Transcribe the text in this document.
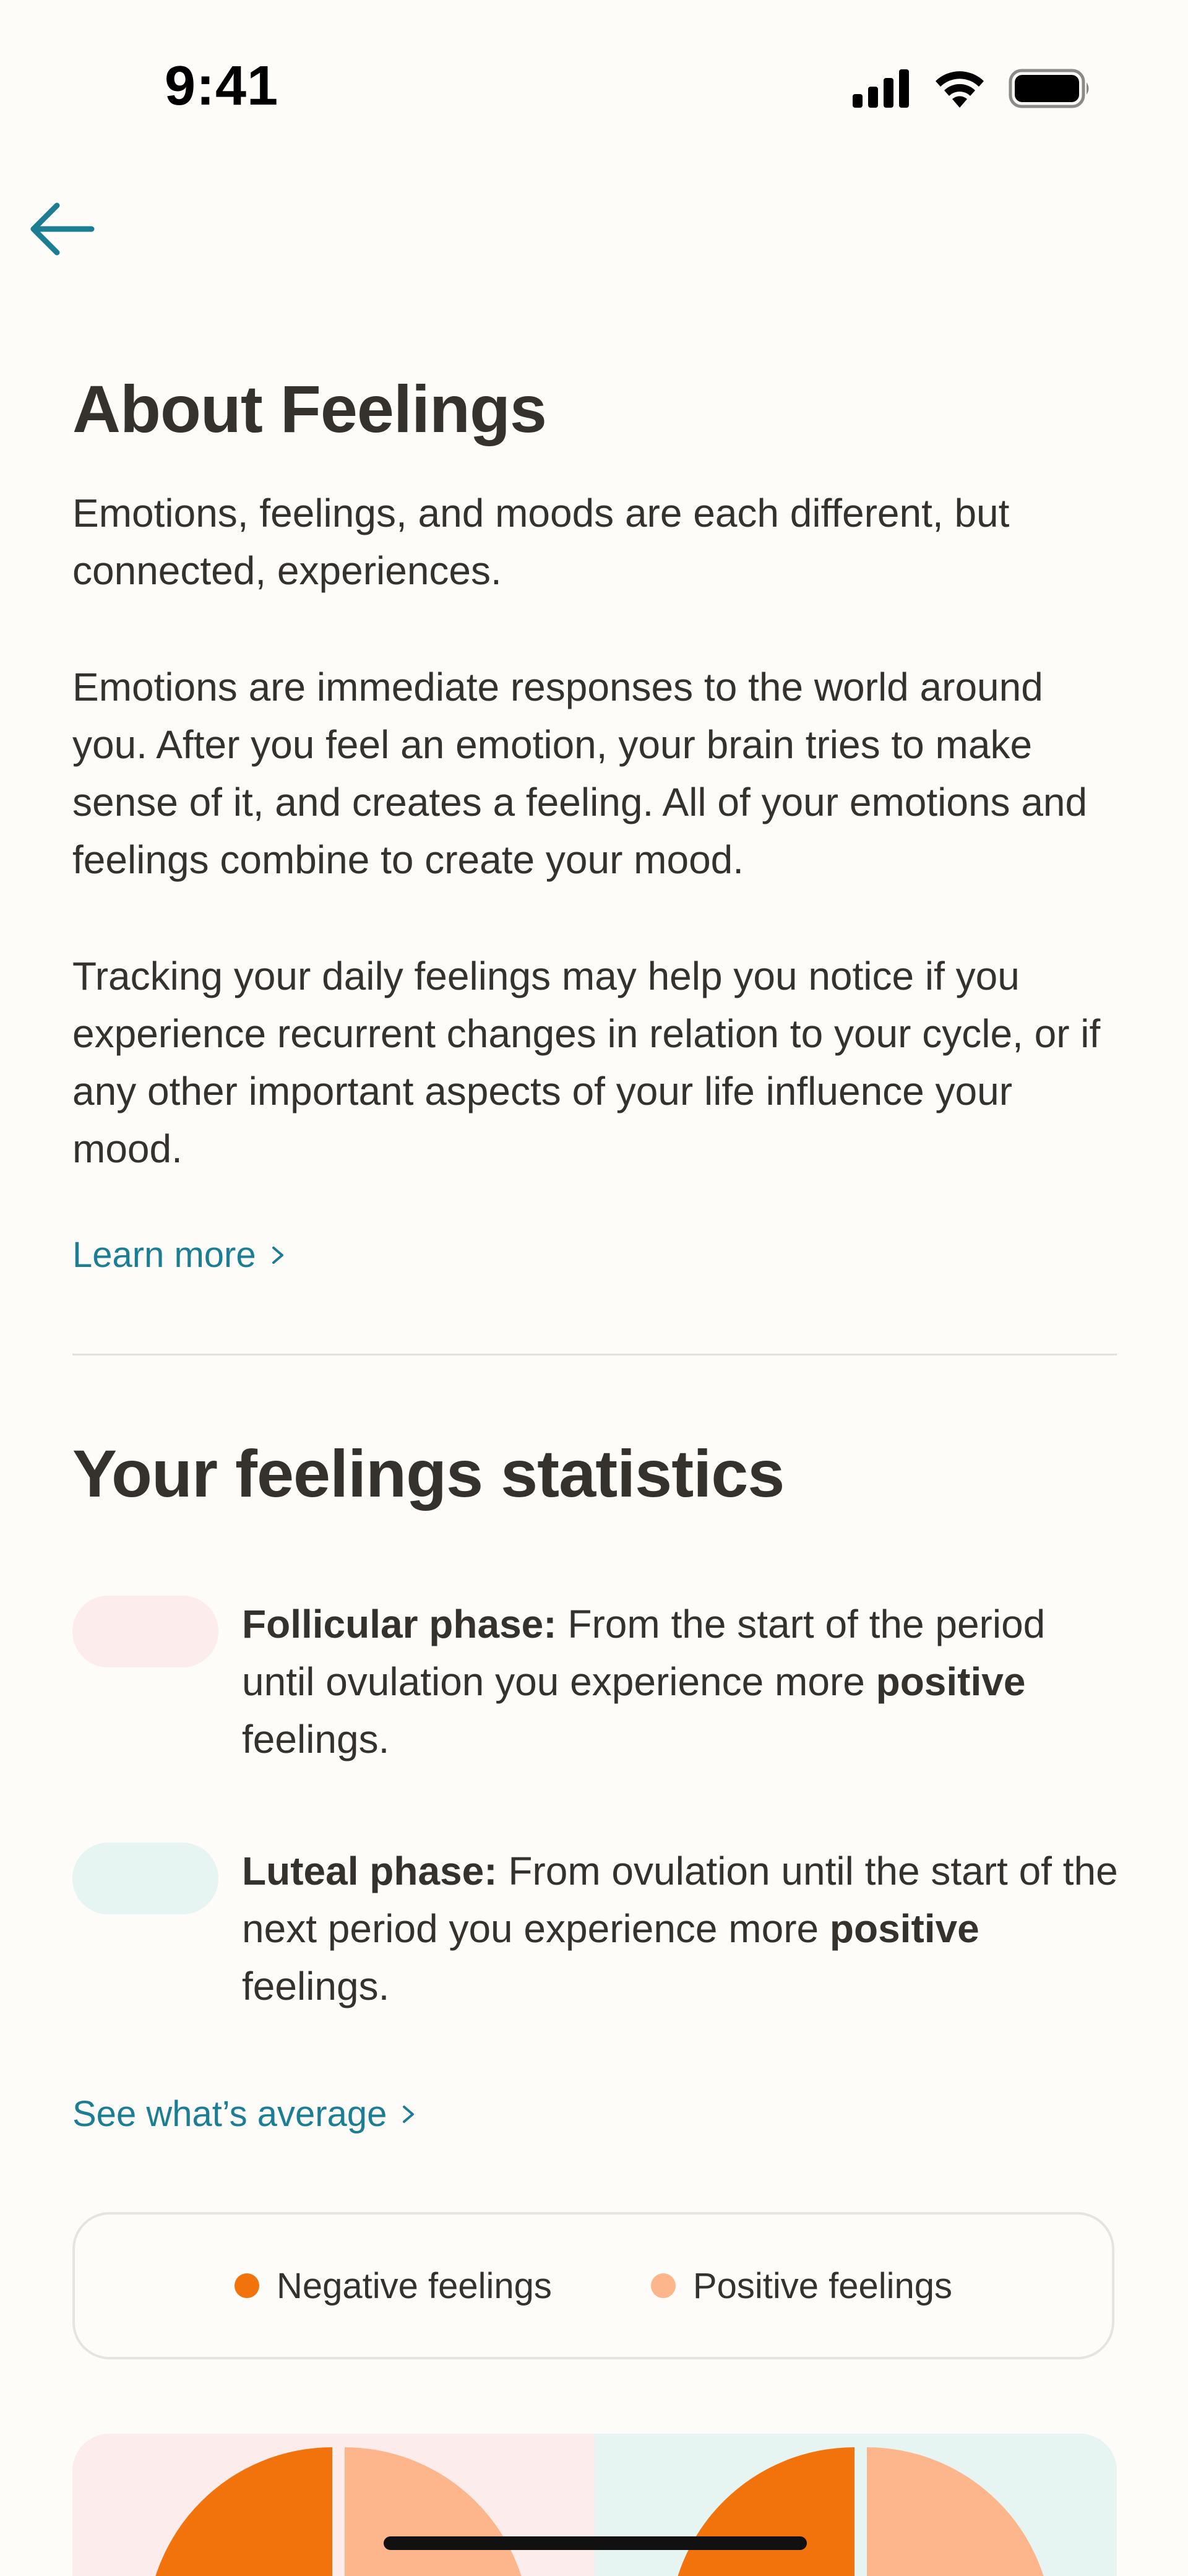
9:41
About Feelings

Emotions, feelings, and moods are each different, but connected, experiences.

Emotions are immediate responses to the world around you. After you feel an emotion, your brain tries to make sense of it, and creates a feeling. All of your emotions and feelings combine to create your mood.

Tracking your daily feelings may help you notice if you experience recurrent changes in relation to your cycle, or if any other important aspects of your life influence your mood.

Learn more
Your feelings statistics

Follicular phase: From the start of the period until ovulation you experience more positive feelings.

Luteal phase: From ovulation until the start of the next period you experience more positive feelings.

See what’s average
Negative feelings	Positive feelings
